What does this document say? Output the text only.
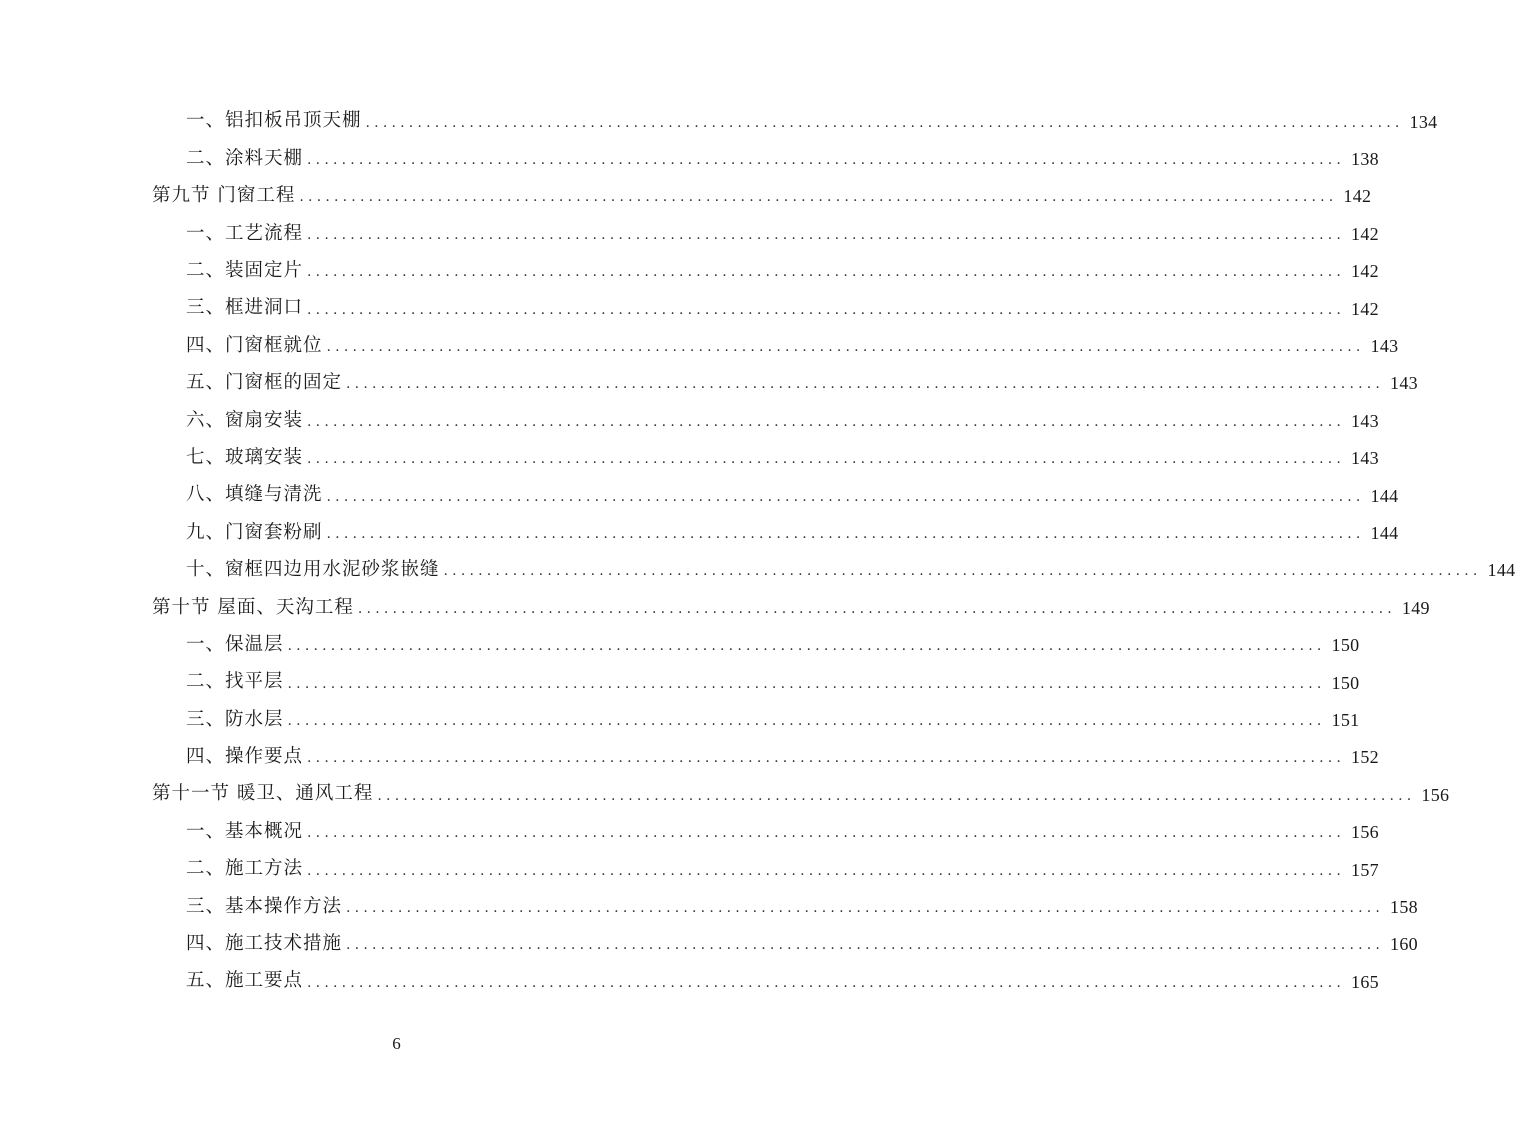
一、铝扣板吊顶天棚 ........................................................................................................................ 134
二、涂料天棚 ........................................................................................................................ 138
第九节 门窗工程 ........................................................................................................................ 142
一、工艺流程 ........................................................................................................................ 142
二、装固定片 ........................................................................................................................ 142
三、框进洞口 ........................................................................................................................ 142
四、门窗框就位 ........................................................................................................................ 143
五、门窗框的固定 ........................................................................................................................ 143
六、窗扇安装 ........................................................................................................................ 143
七、玻璃安装 ........................................................................................................................ 143
八、填缝与清洗 ........................................................................................................................ 144
九、门窗套粉刷 ........................................................................................................................ 144
十、窗框四边用水泥砂浆嵌缝 ........................................................................................................................ 144
第十节 屋面、天沟工程 ........................................................................................................................ 149
一、保温层 ........................................................................................................................ 150
二、找平层 ........................................................................................................................ 150
三、防水层 ........................................................................................................................ 151
四、操作要点 ........................................................................................................................ 152
第十一节 暖卫、通风工程 ........................................................................................................................ 156
一、基本概况 ........................................................................................................................ 156
二、施工方法 ........................................................................................................................ 157
三、基本操作方法 ........................................................................................................................ 158
四、施工技术措施 ........................................................................................................................ 160
五、施工要点 ........................................................................................................................ 165
6
